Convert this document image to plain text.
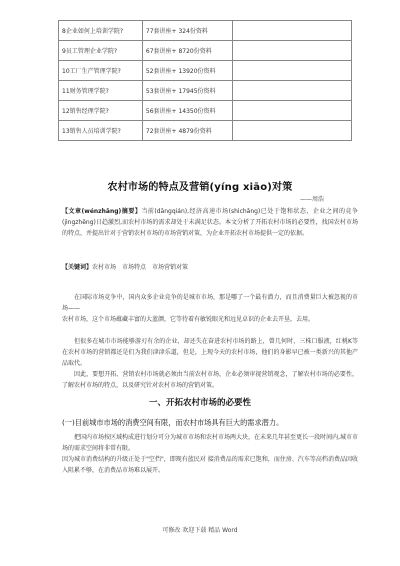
8企业如何上培训学院?	77套讲座+ 324份资料	
9员工管理企业学院?	67套讲座+ 8720份资料	
10工厂生产管理学院?	52套讲座+ 13920份资料	
11财务管理学院?	53套讲座+ 17945份资料	
12销售经理学院?	56套讲座+ 14350份资料	
13销售人员培训学院?	72套讲座+ 4879份资料	
农村市场的特点及营销(yíng xiāo)对策
——周浩
【文章(wénzhāng)摘要】当前(dāngqián),经济高速市场(shìchǎng)已处于饱和状态，企业之间的竞争(jìngzhēng)日趋激烈,而农村市场的需求却处于未满足状态。本文分析了开拓农村市场的必要性，找国农村市场的特点，并提出针对于营销农村市场的市场营销对策，为企业开拓农村市场提供一定的依据。
【关键词】农村市场　市场特点　市场营销对策
在国际市场竞争中，国内众多企业竞争的是城市市场，那是哪了一个最有潜力，而且消费量巨大被忽视的市场——
农村市场，这个市场蕴藏丰富的大蓝颜，它等待着有敏锐眼光和远见卓识的企业去开垦，去用。
但很多在城市市场能够游刃有余的企业，却还失在奋进农村市场的路上，曾几何时，三株口服液，红桃K等在农村市场的营销都还是们为我们津津乐道，但是，上现今天的农村市场，他们的身影早已被一类新兴的其他产品取代。
因此，要想开拓、营销农村市场就必须由当前农村市场，企业必须审视营销观念，了解农村市场的必要性，了解农村市场的特点，以及研究针对农村市场的营销对策。
一、开拓农村市场的必要性
(一)目前城市市场的消费空间有限，而农村市场具有巨大的需求潜力。
把国内市场按区域构成进行划分可分为城市市场和农村市场两大块，在未来几年甚至更长一段时间内,城市市场的需求空间将非常有限。
因为城市消费结构的升级正处于"空挡"，即现有蓝民对 接消费品的需求已饱和，而住房、汽车等高档消费品因收入阻累不够，在消费品市场难以展开。
可修改 欢迎下载 精品 Word
